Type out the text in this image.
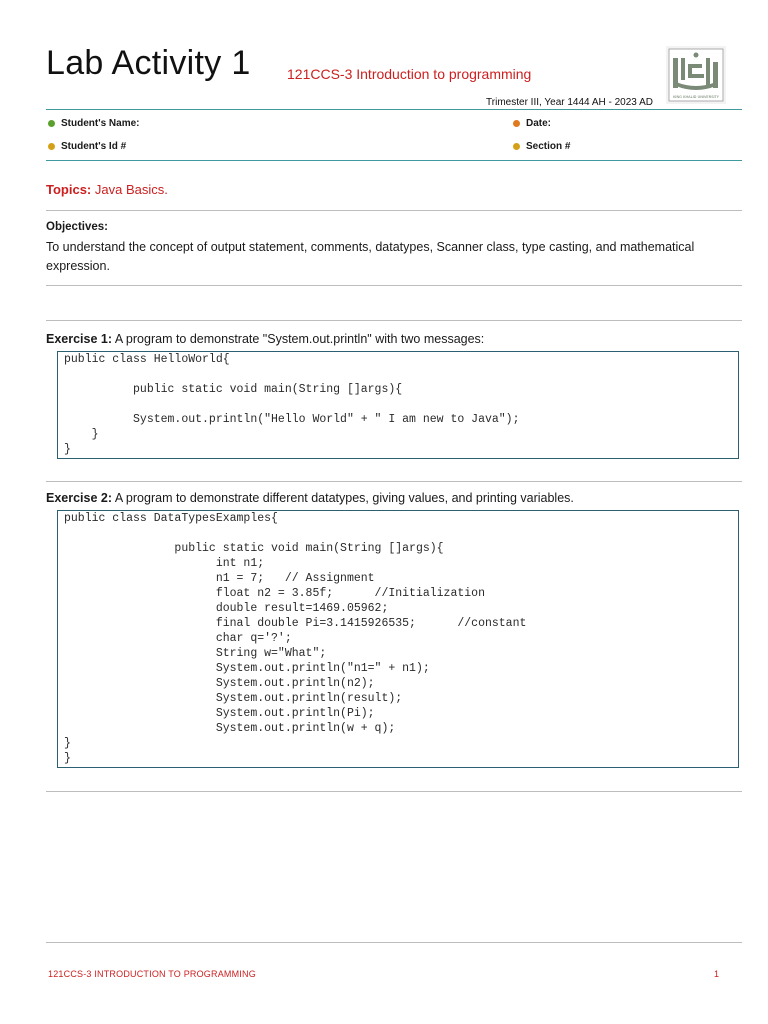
Lab Activity 1	121CCS-3 Introduction to programming
KING KHALID UNIVERSITY
Trimester III, Year 1444 AH - 2023 AD
Student's Name:	Date:
Student's Id #	Section #
Topics: Java Basics.
Objectives:
To understand the concept of output statement, comments, datatypes, Scanner class, type casting, and mathematical expression.
Exercise 1: A program to demonstrate "System.out.println" with two messages:
public class HelloWorld{
public static void main(String []args){
System.out.println("Hello World" + " I am new to Java");
}
}
Exercise 2: A program to demonstrate different datatypes, giving values, and printing variables.
public class DataTypesExamples{
public static void main(String []args){
int n1;
n1 = 7;   // Assignment
float n2 = 3.85f;      //Initialization
double result=1469.05962;
final double Pi=3.1415926535;      //constant
char q='?';
String w="What";
System.out.println("n1=" + n1);
System.out.println(n2);
System.out.println(result);
System.out.println(Pi);
System.out.println(w + q);
}
}
121CCS-3 INTRODUCTION TO PROGRAMMING	1
